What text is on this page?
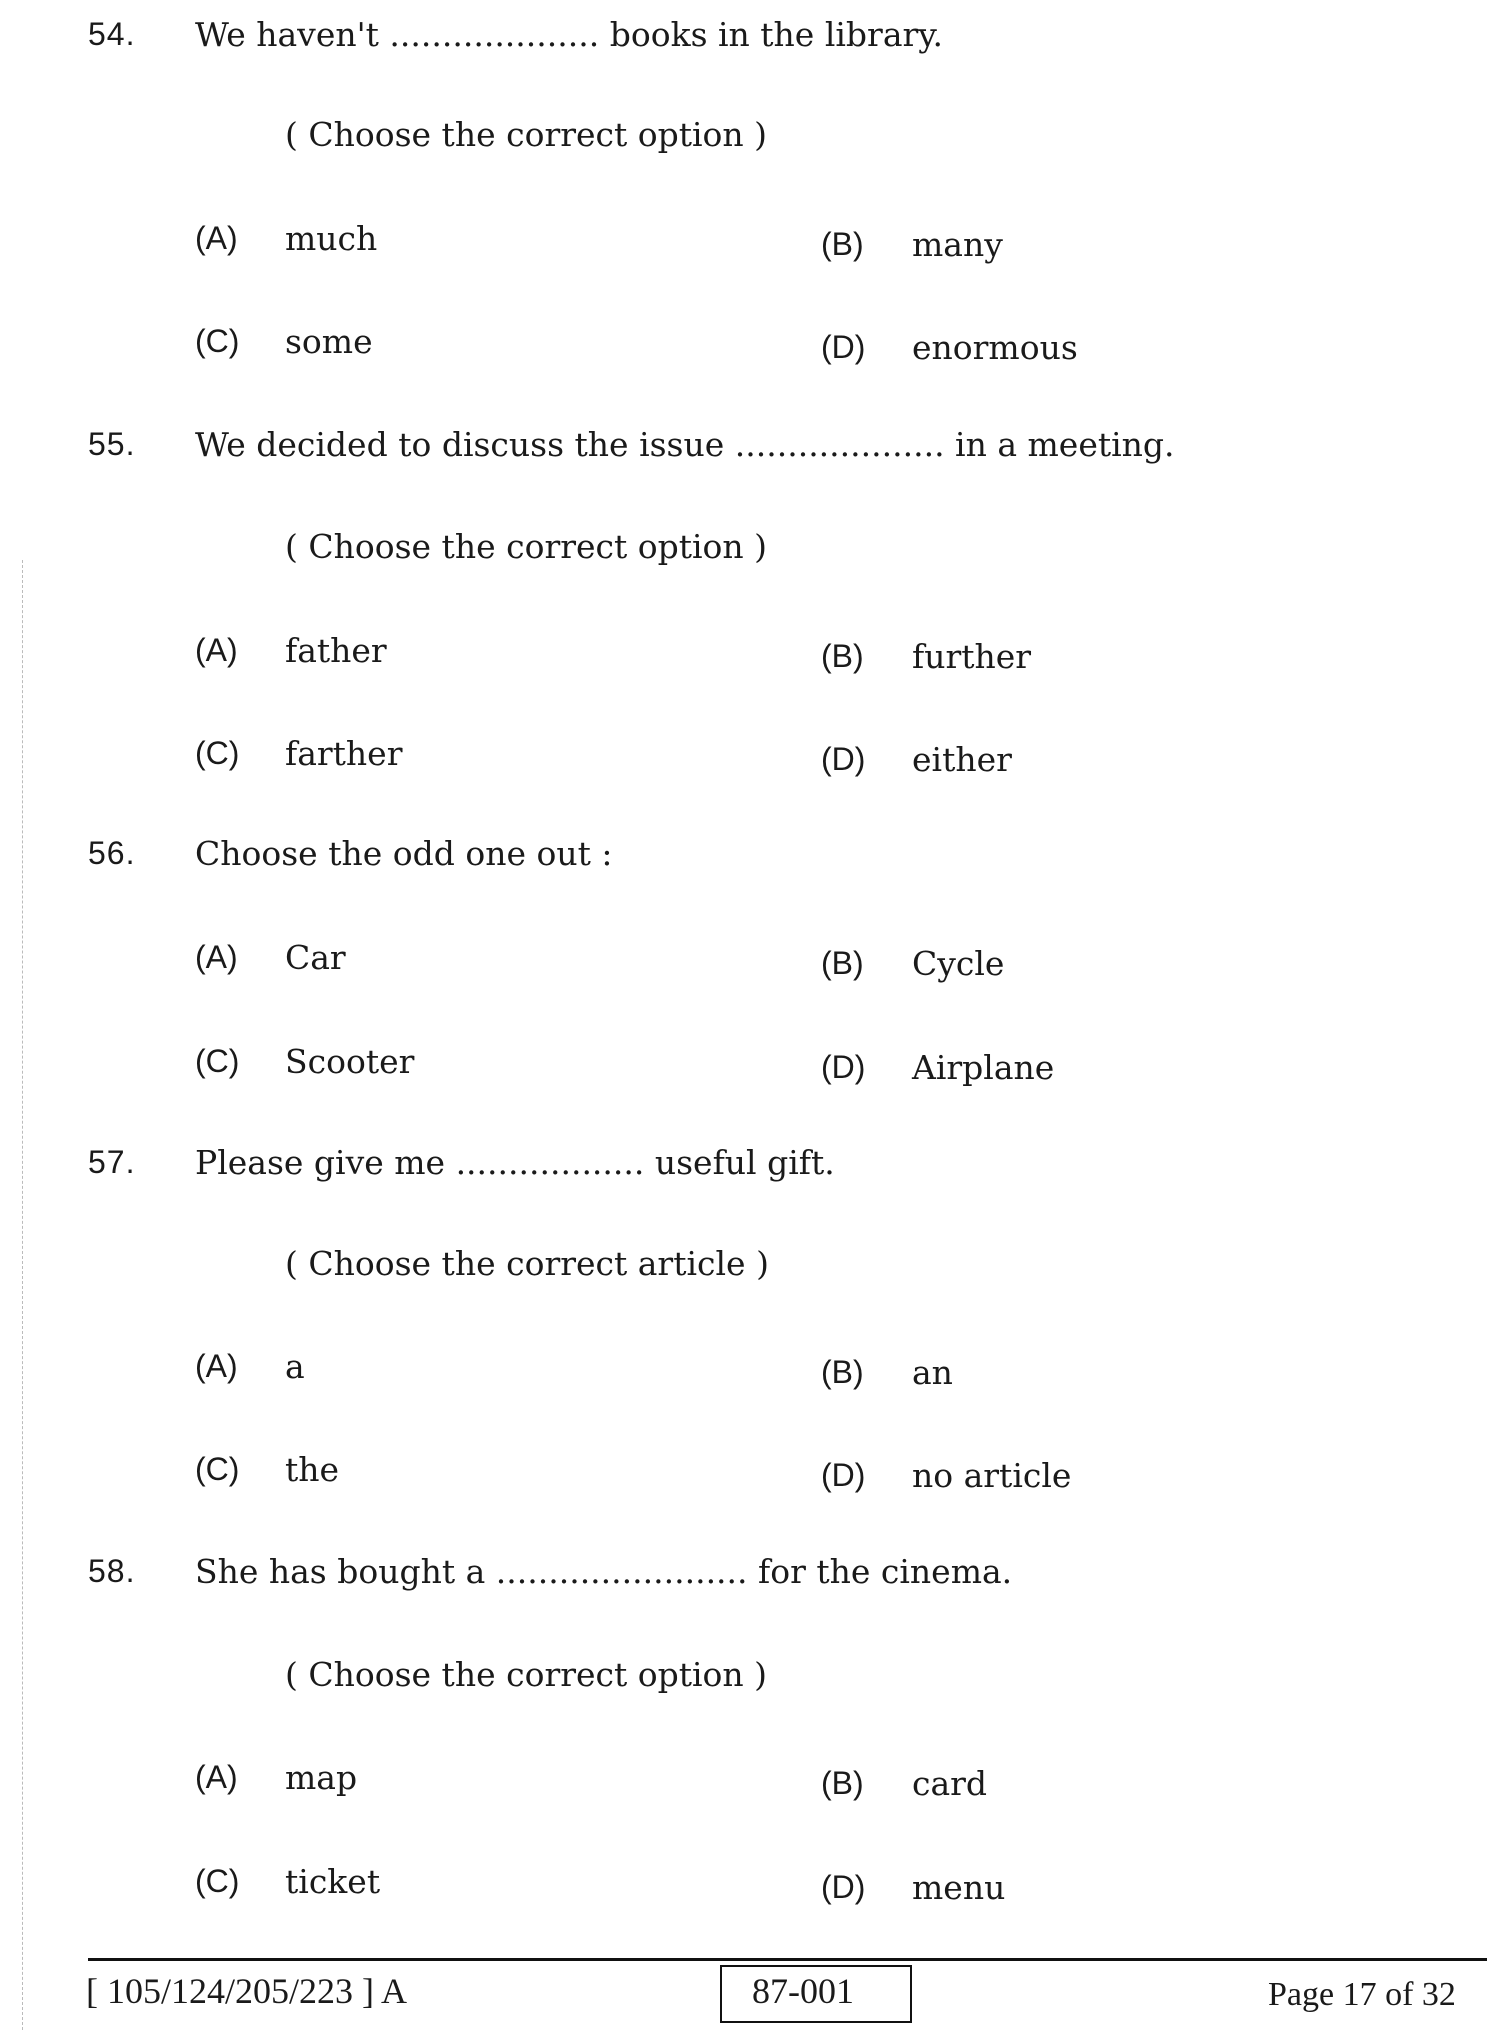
54. We haven't .................... books in the library.
( Choose the correct option )
(A) much	(B) many
(C) some	(D) enormous
55. We decided to discuss the issue .................... in a meeting.
( Choose the correct option )
(A) father	(B) further
(C) farther	(D) either
56. Choose the odd one out :
(A) Car	(B) Cycle
(C) Scooter	(D) Airplane
57. Please give me .................. useful gift.
( Choose the correct article )
(A) a	(B) an
(C) the	(D) no article
58. She has bought a ........................ for the cinema.
( Choose the correct option )
(A) map	(B) card
(C) ticket	(D) menu
[ 105/124/205/223 ] A	87-001	Page 17 of 32
